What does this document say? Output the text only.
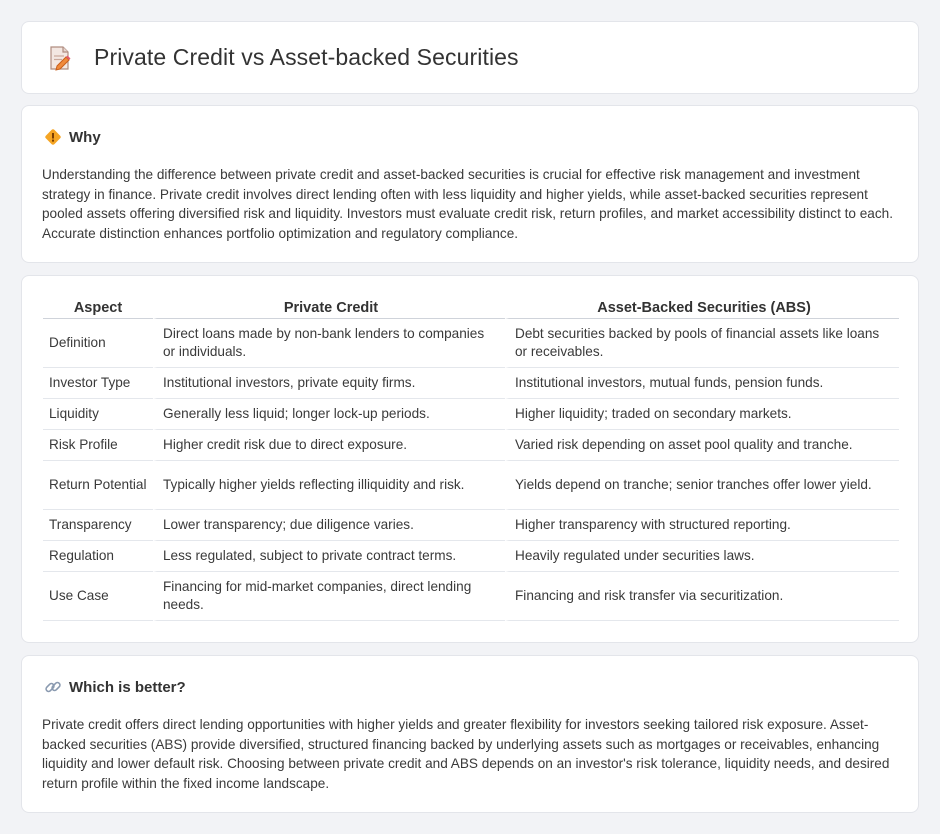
Private Credit vs Asset-backed Securities
Why

Understanding the difference between private credit and asset-backed securities is crucial for effective risk management and investment strategy in finance. Private credit involves direct lending often with less liquidity and higher yields, while asset-backed securities represent pooled assets offering diversified risk and liquidity. Investors must evaluate credit risk, return profiles, and market accessibility distinct to each. Accurate distinction enhances portfolio optimization and regulatory compliance.

Aspect	Private Credit	Asset-Backed Securities (ABS)
Definition	Direct loans made by non-bank lenders to companies or individuals.	Debt securities backed by pools of financial assets like loans or receivables.
Investor Type	Institutional investors, private equity firms.	Institutional investors, mutual funds, pension funds.
Liquidity	Generally less liquid; longer lock-up periods.	Higher liquidity; traded on secondary markets.
Risk Profile	Higher credit risk due to direct exposure.	Varied risk depending on asset pool quality and tranche.
Return Potential	Typically higher yields reflecting illiquidity and risk.	Yields depend on tranche; senior tranches offer lower yield.
Transparency	Lower transparency; due diligence varies.	Higher transparency with structured reporting.
Regulation	Less regulated, subject to private contract terms.	Heavily regulated under securities laws.
Use Case	Financing for mid-market companies, direct lending needs.	Financing and risk transfer via securitization.
Which is better?

Private credit offers direct lending opportunities with higher yields and greater flexibility for investors seeking tailored risk exposure. Asset-backed securities (ABS) provide diversified, structured financing backed by underlying assets such as mortgages or receivables, enhancing liquidity and lower default risk. Choosing between private credit and ABS depends on an investor's risk tolerance, liquidity needs, and desired return profile within the fixed income landscape.
